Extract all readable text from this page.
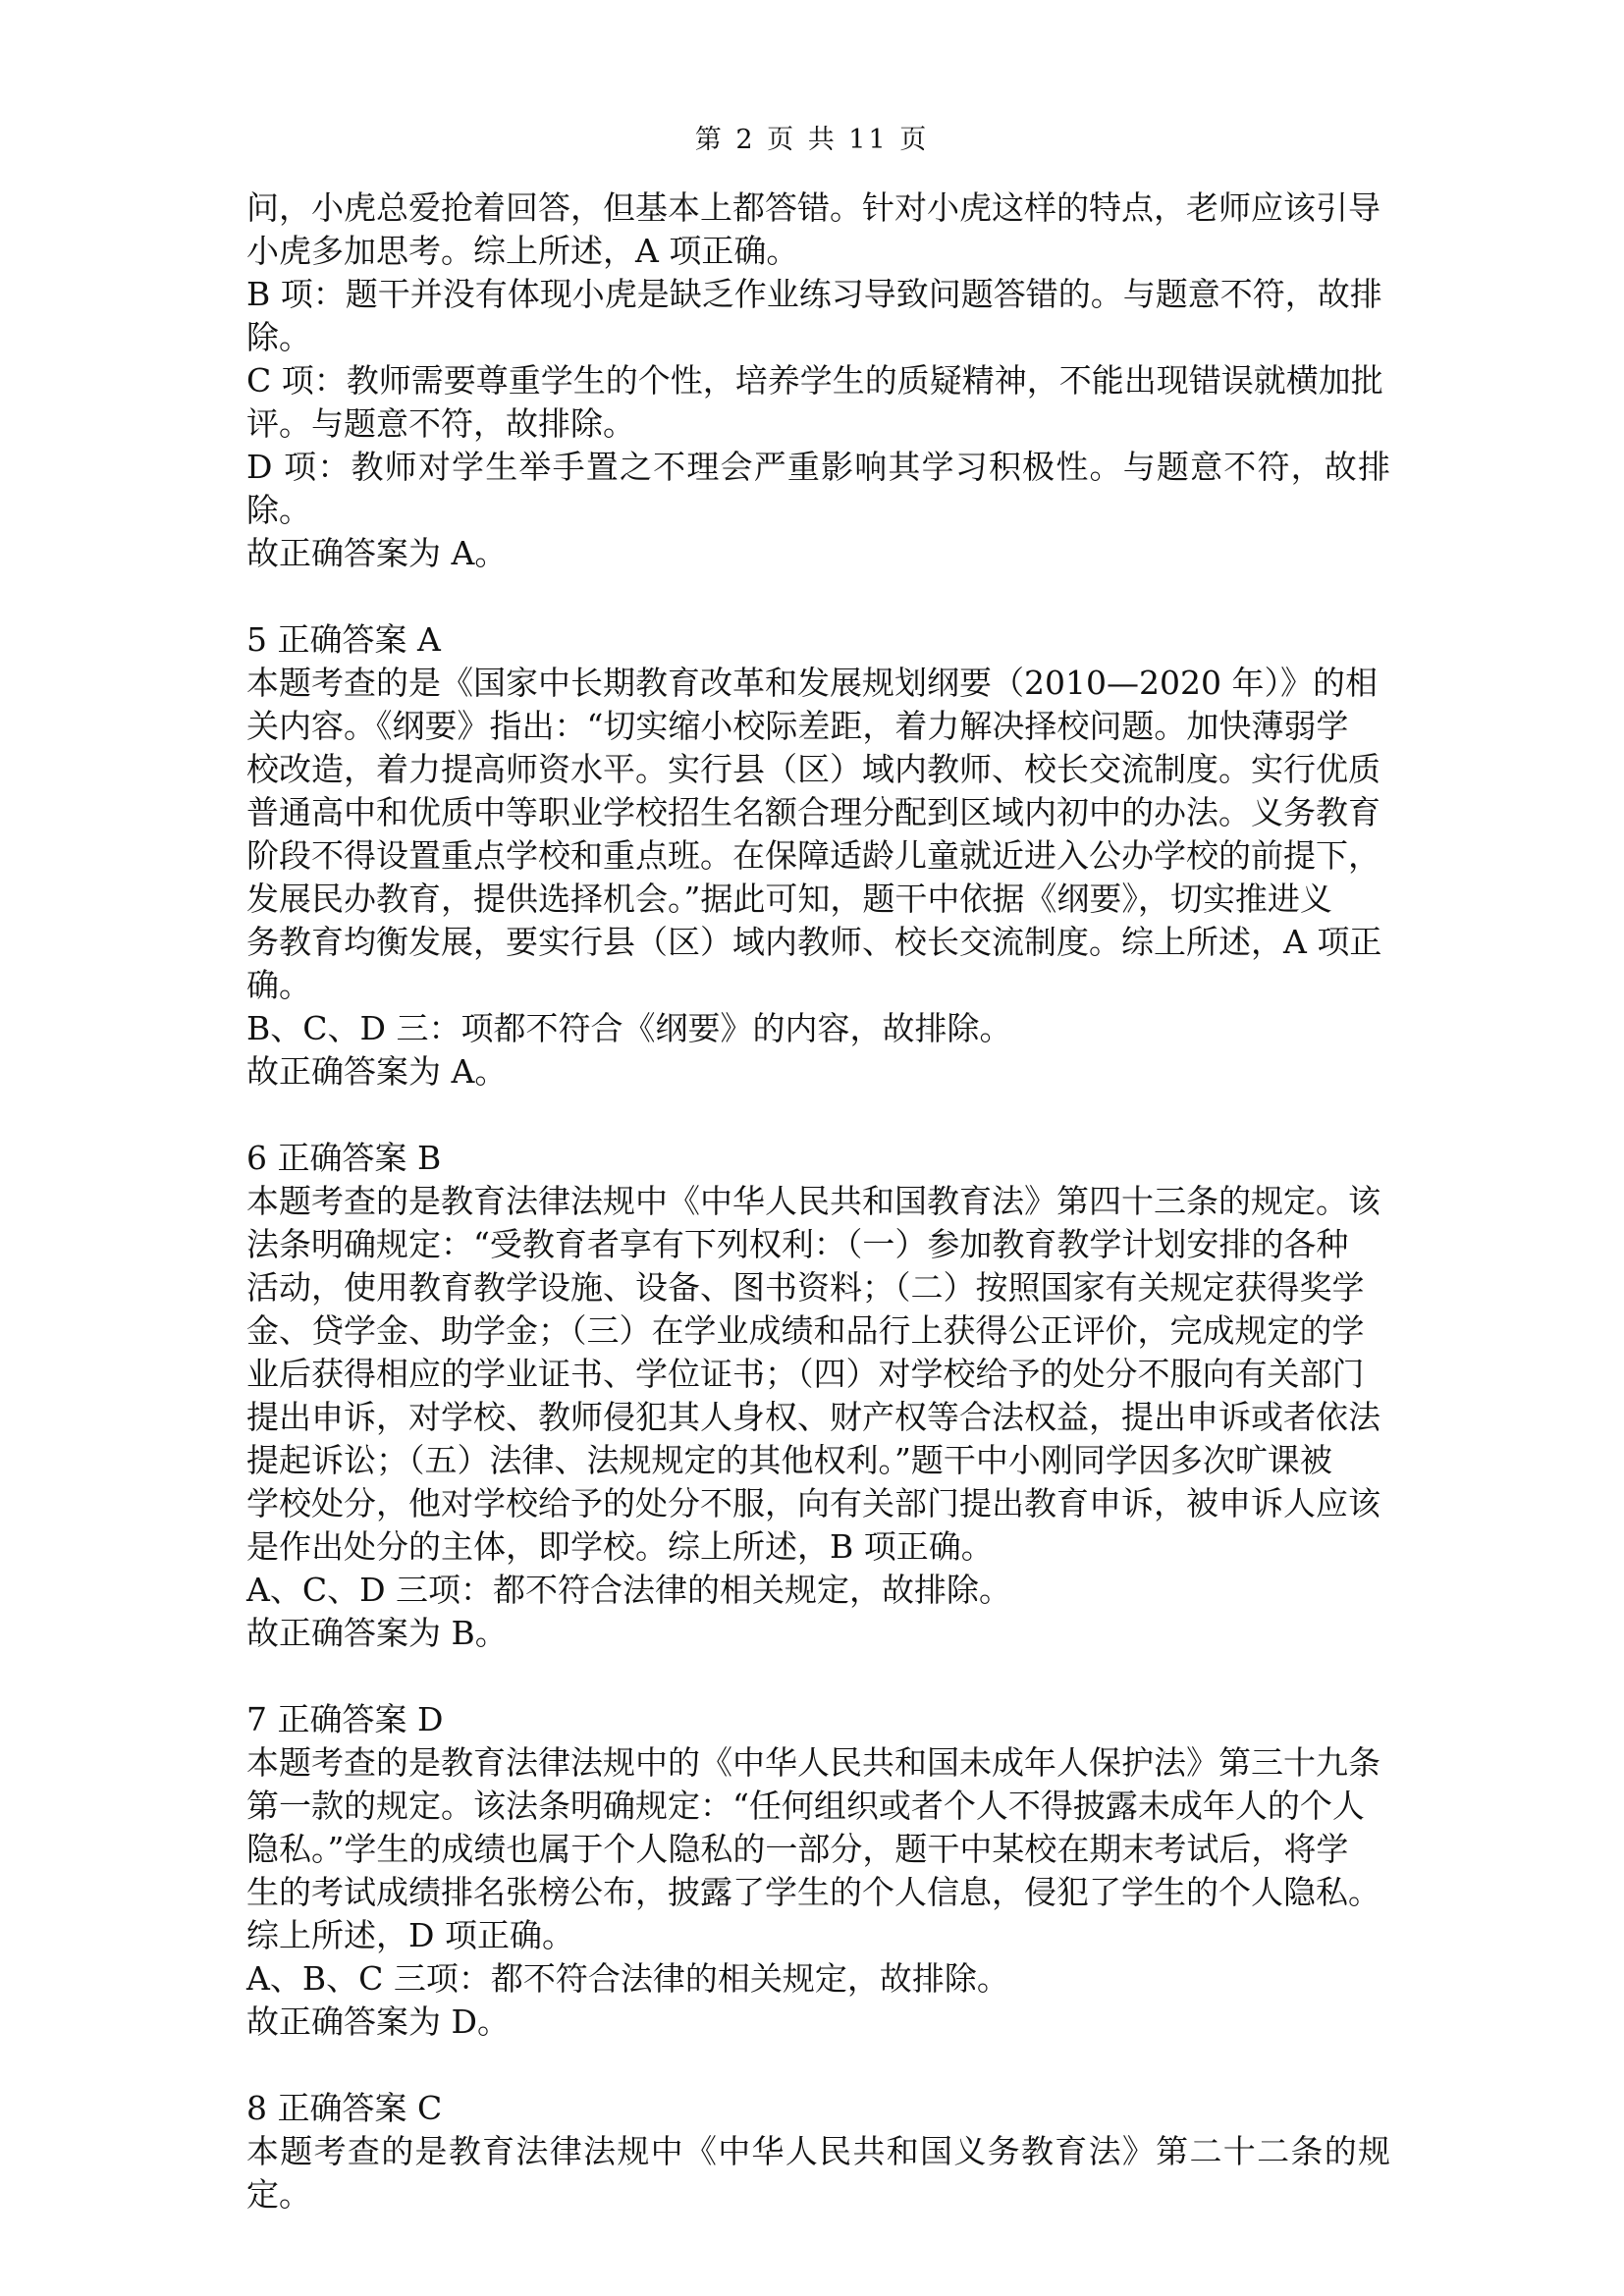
第 2 页 共 11 页
问，小虎总爱抢着回答，但基本上都答错。针对小虎这样的特点，老师应该引导
小虎多加思考。综上所述，A 项正确。
B 项：题干并没有体现小虎是缺乏作业练习导致问题答错的。与题意不符，故排
除。
C 项：教师需要尊重学生的个性，培养学生的质疑精神，不能出现错误就横加批
评。与题意不符，故排除。
D 项：教师对学生举手置之不理会严重影响其学习积极性。与题意不符，故排除。
故正确答案为 A。
5 正确答案 A
本题考查的是《国家中长期教育改革和发展规划纲要（2010—2020 年）》的相
关内容。《纲要》指出：“切实缩小校际差距，着力解决择校问题。加快薄弱学
校改造，着力提高师资水平。实行县（区）域内教师、校长交流制度。实行优质
普通高中和优质中等职业学校招生名额合理分配到区域内初中的办法。义务教育
阶段不得设置重点学校和重点班。在保障适龄儿童就近进入公办学校的前提下，
发展民办教育，提供选择机会。”据此可知，题干中依据《纲要》，切实推进义
务教育均衡发展，要实行县（区）域内教师、校长交流制度。综上所述，A 项正
确。
B、C、D 三：项都不符合《纲要》的内容，故排除。
故正确答案为 A。
6 正确答案 B
本题考查的是教育法律法规中《中华人民共和国教育法》第四十三条的规定。该
法条明确规定：“受教育者享有下列权利：（一）参加教育教学计划安排的各种
活动，使用教育教学设施、设备、图书资料；（二）按照国家有关规定获得奖学
金、贷学金、助学金；（三）在学业成绩和品行上获得公正评价，完成规定的学
业后获得相应的学业证书、学位证书；（四）对学校给予的处分不服向有关部门
提出申诉，对学校、教师侵犯其人身权、财产权等合法权益，提出申诉或者依法
提起诉讼；（五）法律、法规规定的其他权利。”题干中小刚同学因多次旷课被
学校处分，他对学校给予的处分不服，向有关部门提出教育申诉，被申诉人应该
是作出处分的主体，即学校。综上所述，B 项正确。
A、C、D 三项：都不符合法律的相关规定，故排除。
故正确答案为 B。
7 正确答案 D
本题考查的是教育法律法规中的《中华人民共和国未成年人保护法》第三十九条
第一款的规定。该法条明确规定：“任何组织或者个人不得披露未成年人的个人
隐私。”学生的成绩也属于个人隐私的一部分，题干中某校在期末考试后，将学
生的考试成绩排名张榜公布，披露了学生的个人信息，侵犯了学生的个人隐私。
综上所述，D 项正确。
A、B、C 三项：都不符合法律的相关规定，故排除。
故正确答案为 D。
8 正确答案 C
本题考查的是教育法律法规中《中华人民共和国义务教育法》第二十二条的规定。
